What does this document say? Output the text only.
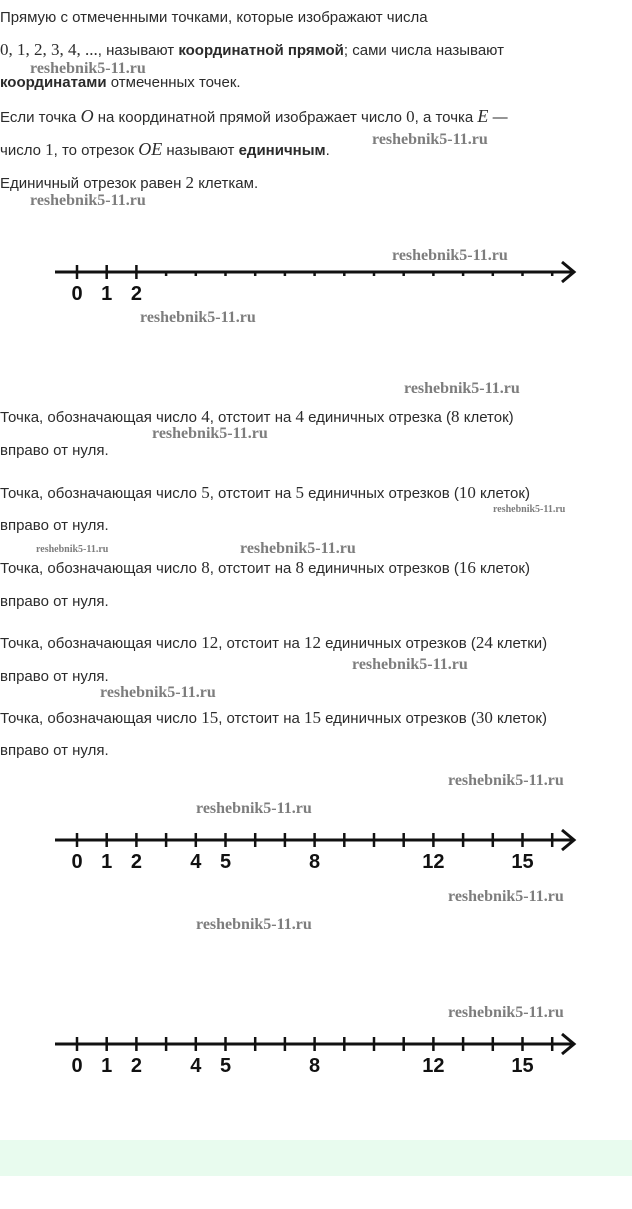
Прямую с отмеченными точками, которые изображают числа
0, 1, 2, 3, 4, ..., называют координатной прямой; сами числа называют
координатами отмеченных точек.
Если точка O на координатной прямой изображает число 0, а точка E —
число 1, то отрезок OE называют единичным.
Единичный отрезок равен 2 клеткам.
0 1 2
Точка, обозначающая число 4, отстоит на 4 единичных отрезка (8 клеток)
вправо от нуля.
Точка, обозначающая число 5, отстоит на 5 единичных отрезков (10 клеток)
вправо от нуля.
Точка, обозначающая число 8, отстоит на 8 единичных отрезков (16 клеток)
вправо от нуля.
Точка, обозначающая число 12, отстоит на 12 единичных отрезков (24 клетки)
вправо от нуля.
Точка, обозначающая число 15, отстоит на 15 единичных отрезков (30 клеток)
вправо от нуля.
0 1 2 4 5	8	12	15
0 1 2 4 5	8	12	15
reshebnik5-11.ru
reshebnik5-11.ru
reshebnik5-11.ru
reshebnik5-11.ru
reshebnik5-11.ru
reshebnik5-11.ru
reshebnik5-11.ru
reshebnik5-11.ru
reshebnik5-11.ru	reshebnik5-11.ru
reshebnik5-11.ru
reshebnik5-11.ru
reshebnik5-11.ru
reshebnik5-11.ru
reshebnik5-11.ru
reshebnik5-11.ru
reshebnik5-11.ru
